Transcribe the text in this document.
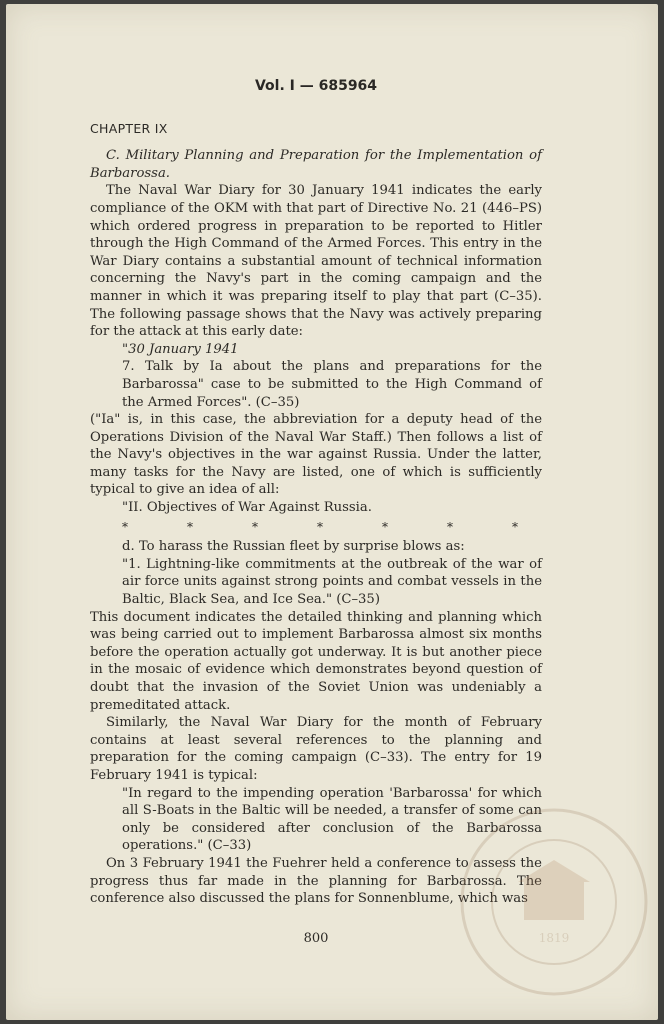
Vol. I — 685964
CHAPTER IX

C. Military Planning and Preparation for the Implementation of Barbarossa.

The Naval War Diary for 30 January 1941 indicates the early compliance of the OKM with that part of Directive No. 21 (446–PS) which ordered progress in preparation to be reported to Hitler through the High Command of the Armed Forces. This entry in the War Diary contains a substantial amount of technical information concerning the Navy's part in the coming campaign and the manner in which it was preparing itself to play that part (C–35). The following passage shows that the Navy was actively preparing for the attack at this early date:

"30 January 1941
7. Talk by Ia about the plans and preparations for the Barbarossa" case to be submitted to the High Command of the Armed Forces". (C–35)

("Ia" is, in this case, the abbreviation for a deputy head of the Operations Division of the Naval War Staff.) Then follows a list of the Navy's objectives in the war against Russia. Under the latter, many tasks for the Navy are listed, one of which is sufficiently typical to give an idea of all:

"II. Objectives of War Against Russia.
*	*	*	*	*	*	*
d. To harass the Russian fleet by surprise blows as:
"1. Lightning-like commitments at the outbreak of the war of air force units against strong points and combat vessels in the Baltic, Black Sea, and Ice Sea." (C–35)

This document indicates the detailed thinking and planning which was being carried out to implement Barbarossa almost six months before the operation actually got underway. It is but another piece in the mosaic of evidence which demonstrates beyond question of doubt that the invasion of the Soviet Union was undeniably a premeditated attack.

Similarly, the Naval War Diary for the month of February contains at least several references to the planning and preparation for the coming campaign (C–33). The entry for 19 February 1941 is typical:

"In regard to the impending operation 'Barbarossa' for which all S-Boats in the Baltic will be needed, a transfer of some can only be considered after conclusion of the Barbarossa operations." (C–33)

On 3 February 1941 the Fuehrer held a conference to assess the progress thus far made in the planning for Barbarossa. The conference also discussed the plans for Sonnenblume, which was

800	1819
